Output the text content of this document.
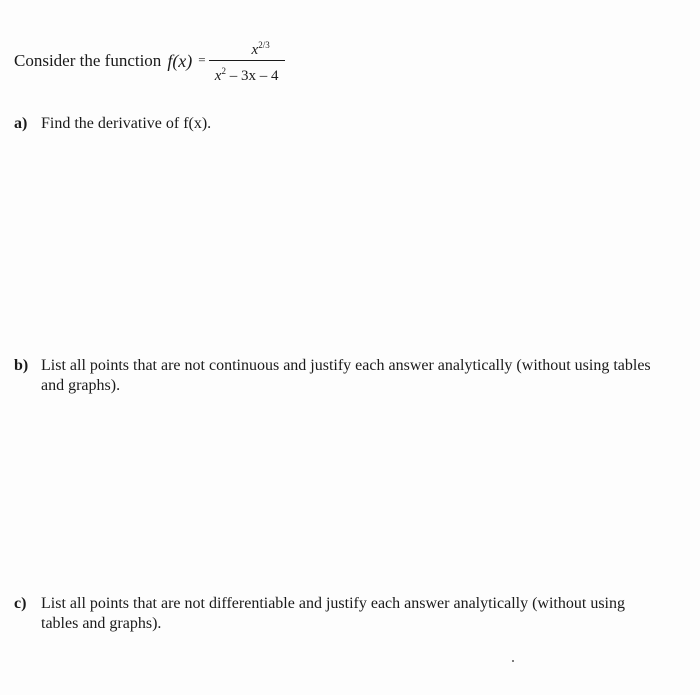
Consider the function $f(x) = \frac{x^{2/3}}{x^2 - 3x - 4}$
a) Find the derivative of f(x).
b) List all points that are not continuous and justify each answer analytically (without using tables and graphs).
c) List all points that are not differentiable and justify each answer analytically (without using tables and graphs).
